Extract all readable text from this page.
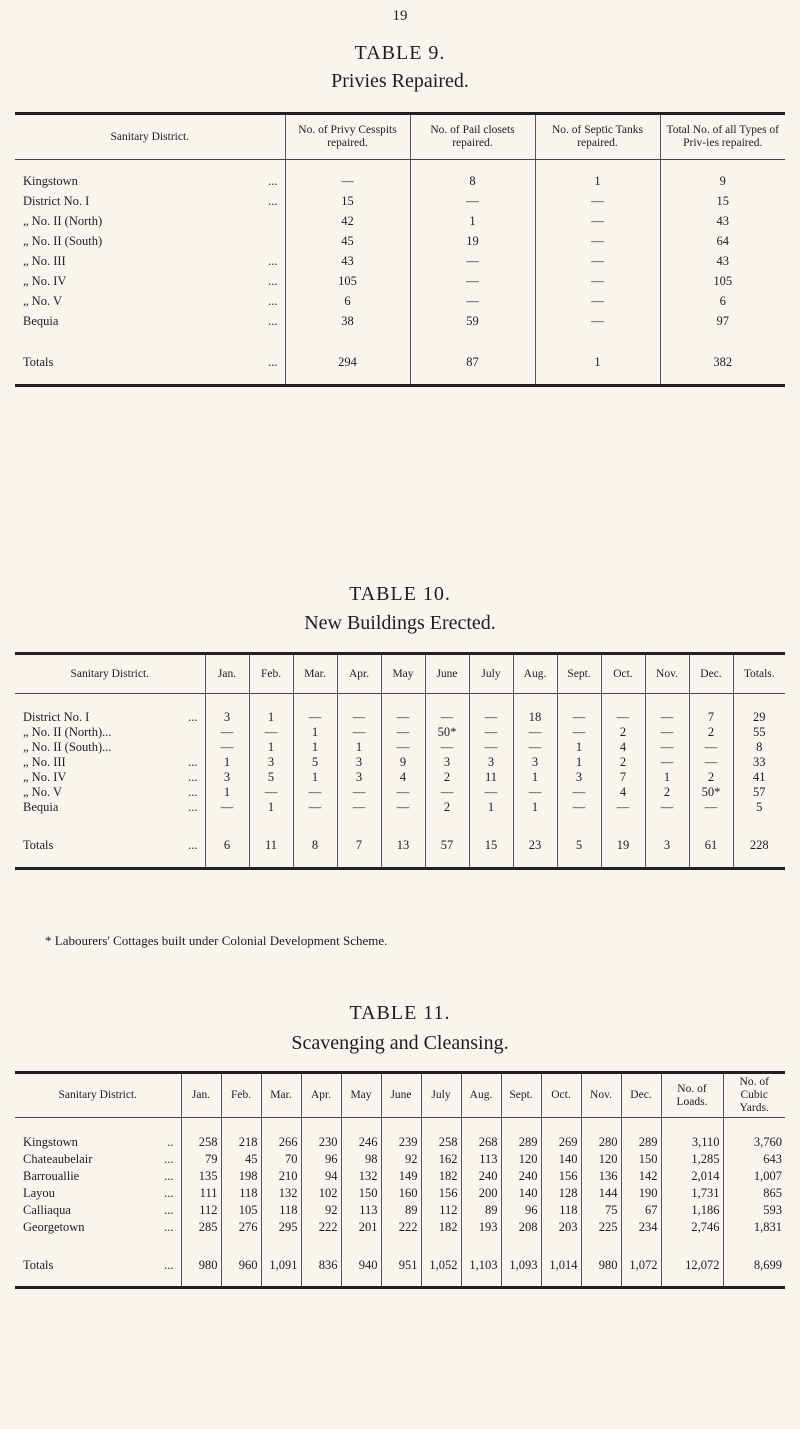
19
TABLE 9.
Privies Repaired.
Sanitary District.	No. of Privy Cesspits repaired.	No. of Pail closets repaired.	No. of Septic Tanks repaired.	Total No. of all Types of Priv-ies repaired.

Kingstown ...	—	8	1	9
District No. I ...	15	—	—	15
„ No. II (North)	42	1	—	43
„ No. II (South)	45	19	—	64
„ No. III ...	43	—	—	43
„ No. IV ...	105	—	—	105
„ No. V ...	6	—	—	6
Bequia ...	38	59	—	97

Totals ...	294	87	1	382
TABLE 10.
New Buildings Erected.
Sanitary District.	Jan.	Feb.	Mar.	Apr.	May	June	July	Aug.	Sept.	Oct.	Nov.	Dec.	Totals.

District No. I ...	3	1	—	—	—	—	—	18	—	—	—	7	29
„ No. II (North)...	—	—	1	—	—	50*	—	—	—	2	—	2	55
„ No. II (South)...	—	1	1	1	—	—	—	—	1	4	—	—	8
„ No. III ...	1	3	5	3	9	3	3	3	1	2	—	—	33
„ No. IV ...	3	5	1	3	4	2	11	1	3	7	1	2	41
„ No. V ...	1	—	—	—	—	—	—	—	—	4	2	50*	57
Bequia ...	—	1	—	—	—	2	1	1	—	—	—	—	5

Totals ...	6	11	8	7	13	57	15	23	5	19	3	61	228
* Labourers' Cottages built under Colonial Development Scheme.
TABLE 11.
Scavenging and Cleansing.
Sanitary District.	Jan.	Feb.	Mar.	Apr.	May	June	July	Aug.	Sept.	Oct.	Nov.	Dec.	No. of Loads.	No. of Cubic Yards.

Kingstown ..	258	218	266	230	246	239	258	268	289	269	280	289	3,110	3,760
Chateaubelair ...	79	45	70	96	98	92	162	113	120	140	120	150	1,285	643
Barrouallie ...	135	198	210	94	132	149	182	240	240	156	136	142	2,014	1,007
Layou ...	111	118	132	102	150	160	156	200	140	128	144	190	1,731	865
Calliaqua ...	112	105	118	92	113	89	112	89	96	118	75	67	1,186	593
Georgetown ...	285	276	295	222	201	222	182	193	208	203	225	234	2,746	1,831

Totals ...	980	960	1,091	836	940	951	1,052	1,103	1,093	1,014	980	1,072	12,072	8,699
